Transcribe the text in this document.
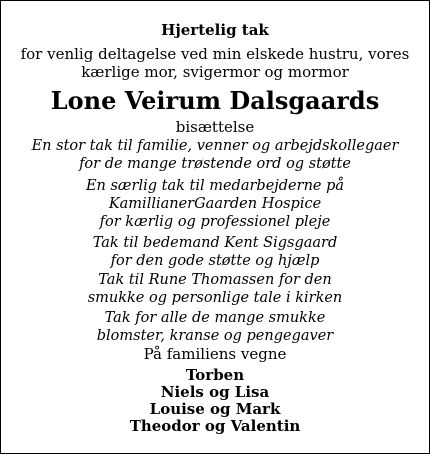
Hjertelig tak
for venlig deltagelse ved min elskede hustru, vores
kærlige mor, svigermor og mormor
Lone Veirum Dalsgaards
bisættelse
En stor tak til familie, venner og arbejdskollegaer
for de mange trøstende ord og støtte
En særlig tak til medarbejderne på
KamillianerGaarden Hospice
for kærlig og professionel pleje
Tak til bedemand Kent Sigsgaard
for den gode støtte og hjælp
Tak til Rune Thomassen for den
smukke og personlige tale i kirken
Tak for alle de mange smukke
blomster, kranse og pengegaver
På familiens vegne
Torben
Niels og Lisa
Louise og Mark
Theodor og Valentin
